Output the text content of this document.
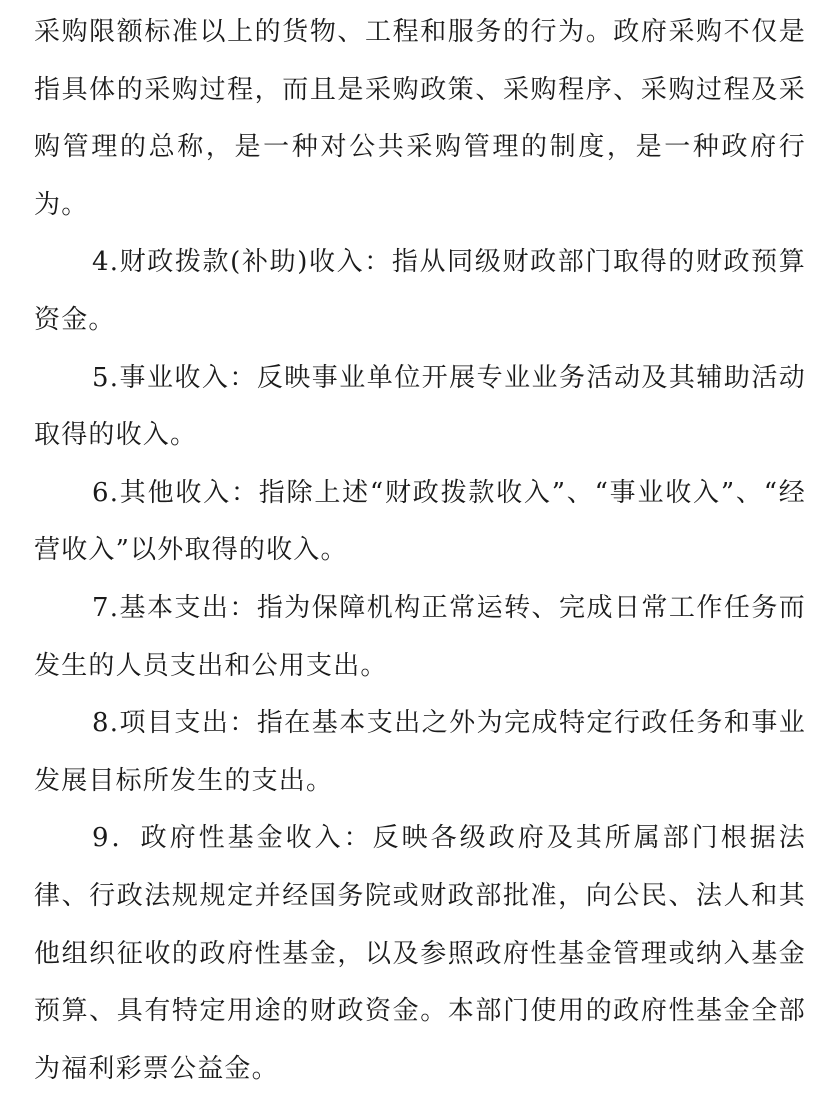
采购限额标准以上的货物、工程和服务的行为。政府采购不仅是指具体的采购过程，而且是采购政策、采购程序、采购过程及采购管理的总称，是一种对公共采购管理的制度，是一种政府行为。

4.财政拨款(补助)收入：指从同级财政部门取得的财政预算资金。

5.事业收入：反映事业单位开展专业业务活动及其辅助活动取得的收入。

6.其他收入：指除上述“财政拨款收入”、“事业收入”、“经营收入”以外取得的收入。

7.基本支出：指为保障机构正常运转、完成日常工作任务而发生的人员支出和公用支出。

8.项目支出：指在基本支出之外为完成特定行政任务和事业发展目标所发生的支出。

9．政府性基金收入：反映各级政府及其所属部门根据法律、行政法规规定并经国务院或财政部批准，向公民、法人和其他组织征收的政府性基金，以及参照政府性基金管理或纳入基金预算、具有特定用途的财政资金。本部门使用的政府性基金全部为福利彩票公益金。
